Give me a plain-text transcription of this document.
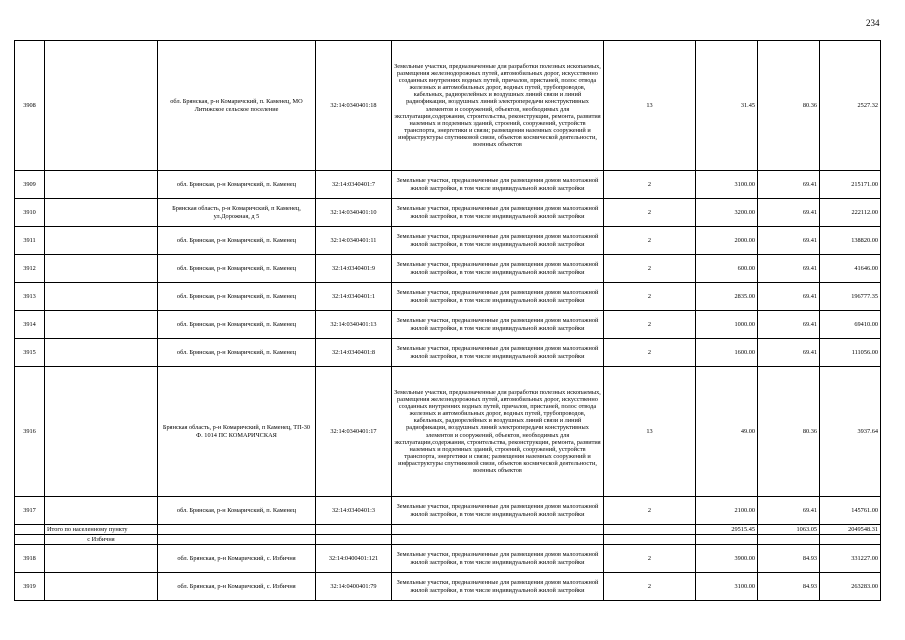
234
3908		обл. Брянская, р-н Комаричский, п. Каменец, МО Литижское сельское поселение	32:14:0340401:18	Земельные участки, предназначенные для разработки полезных ископаемых, размещения железнодорожных путей, автомобильных дорог, искусственно созданных внутренних водных путей, причалов, пристаней, полос отвода железных и автомобильных дорог, водных путей, трубопроводов, кабельных, радиорелейных и воздушных линий связи и линий радиофикации, воздушных линий электропередачи конструктивных элементов и сооружений, объектов, необходимых для эксплуатации,содержания, строительства, реконструкции, ремонта, развития наземных и подземных зданий, строений, сооружений, устройств транспорта, энергетики и связи; размещения наземных сооружений и инфраструктуры спутниковой связи, объектов космической деятельности, военных объектов	13	31.45	80.36	2527.32
3909		обл. Брянская, р-н Комаричский, п. Каменец	32:14:0340401:7	Земельные участки, предназначенные для размещения домов малоэтажной жилой застройки, в том числе индивидуальной жилой застройки	2	3100.00	69.41	215171.00
3910		Брянская область, р-н Комаричский, п Каменец, ул.Дорожная, д 5	32:14:0340401:10	Земельные участки, предназначенные для размещения домов малоэтажной жилой застройки, в том числе индивидуальной жилой застройки	2	3200.00	69.41	222112.00
3911		обл. Брянская, р-н Комаричский, п. Каменец	32:14:0340401:11	Земельные участки, предназначенные для размещения домов малоэтажной жилой застройки, в том числе индивидуальной жилой застройки	2	2000.00	69.41	138820.00
3912		обл. Брянская, р-н Комаричский, п. Каменец	32:14:0340401:9	Земельные участки, предназначенные для размещения домов малоэтажной жилой застройки, в том числе индивидуальной жилой застройки	2	600.00	69.41	41646.00
3913		обл. Брянская, р-н Комаричский, п. Каменец	32:14:0340401:1	Земельные участки, предназначенные для размещения домов малоэтажной жилой застройки, в том числе индивидуальной жилой застройки	2	2835.00	69.41	196777.35
3914		обл. Брянская, р-н Комаричский, п. Каменец	32:14:0340401:13	Земельные участки, предназначенные для размещения домов малоэтажной жилой застройки, в том числе индивидуальной жилой застройки	2	1000.00	69.41	69410.00
3915		обл. Брянская, р-н Комаричский, п. Каменец	32:14:0340401:8	Земельные участки, предназначенные для размещения домов малоэтажной жилой застройки, в том числе индивидуальной жилой застройки	2	1600.00	69.41	111056.00
3916		Брянская область, р-н Комаричский, п Каменец, ТП-30 Ф. 1014 ПС КОМАРИЧСКАЯ	32:14:0340401:17	Земельные участки, предназначенные для разработки полезных ископаемых, размещения железнодорожных путей, автомобильных дорог, искусственно созданных внутренних водных путей, причалов, пристаней, полос отвода железных и автомобильных дорог, водных путей, трубопроводов, кабельных, радиорелейных и воздушных линий связи и линий радиофикации, воздушных линий электропередачи конструктивных элементов и сооружений, объектов, необходимых для эксплуатации,содержания, строительства, реконструкции, ремонта, развития наземных и подземных зданий, строений, сооружений, устройств транспорта, энергетики и связи; размещения наземных сооружений и инфраструктуры спутниковой связи, объектов космической деятельности, военных объектов	13	49.00	80.36	3937.64
3917		обл. Брянская, р-н Комаричский, п. Каменец	32:14:0340401:3	Земельные участки, предназначенные для размещения домов малоэтажной жилой застройки, в том числе индивидуальной жилой застройки	2	2100.00	69.41	145761.00
	Итого по населенному пункту					29515.45	1063.05	2049548.31
	с Избичня							
3918		обл. Брянская, р-н Комаричский, с. Избичня	32:14:0400401:121	Земельные участки, предназначенные для размещения домов малоэтажной жилой застройки, в том числе индивидуальной жилой застройки	2	3900.00	84.93	331227.00
3919		обл. Брянская, р-н Комаричский, с. Избичня	32:14:0400401:79	Земельные участки, предназначенные для размещения домов малоэтажной жилой застройки, в том числе индивидуальной жилой застройки	2	3100.00	84.93	263283.00
